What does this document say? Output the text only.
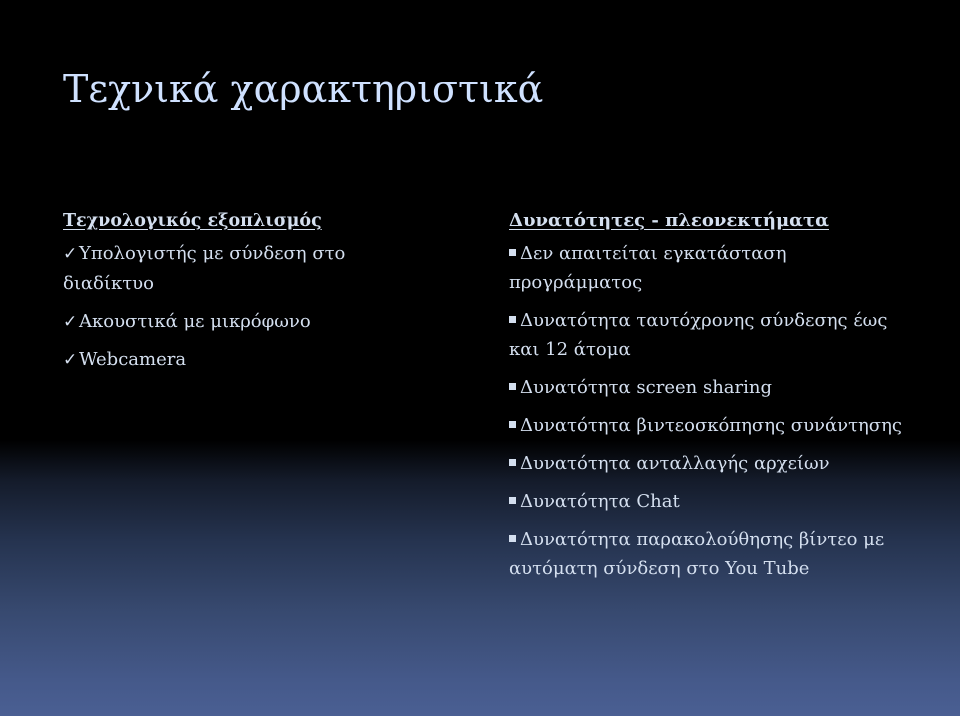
Τεχνικά χαρακτηριστικά
Τεχνολογικός εξοπλισμός
✓Υπολογιστής με σύνδεση στο διαδίκτυο
✓Ακουστικά με μικρόφωνο
✓Webcamera
Δυνατότητες - πλεονεκτήματα
Δεν απαιτείται εγκατάσταση προγράμματος
Δυνατότητα ταυτόχρονης σύνδεσης έως και 12 άτομα
Δυνατότητα screen sharing
Δυνατότητα βιντεοσκόπησης συνάντησης
Δυνατότητα ανταλλαγής αρχείων
Δυνατότητα Chat
Δυνατότητα παρακολούθησης βίντεο με αυτόματη σύνδεση στο You Tube
